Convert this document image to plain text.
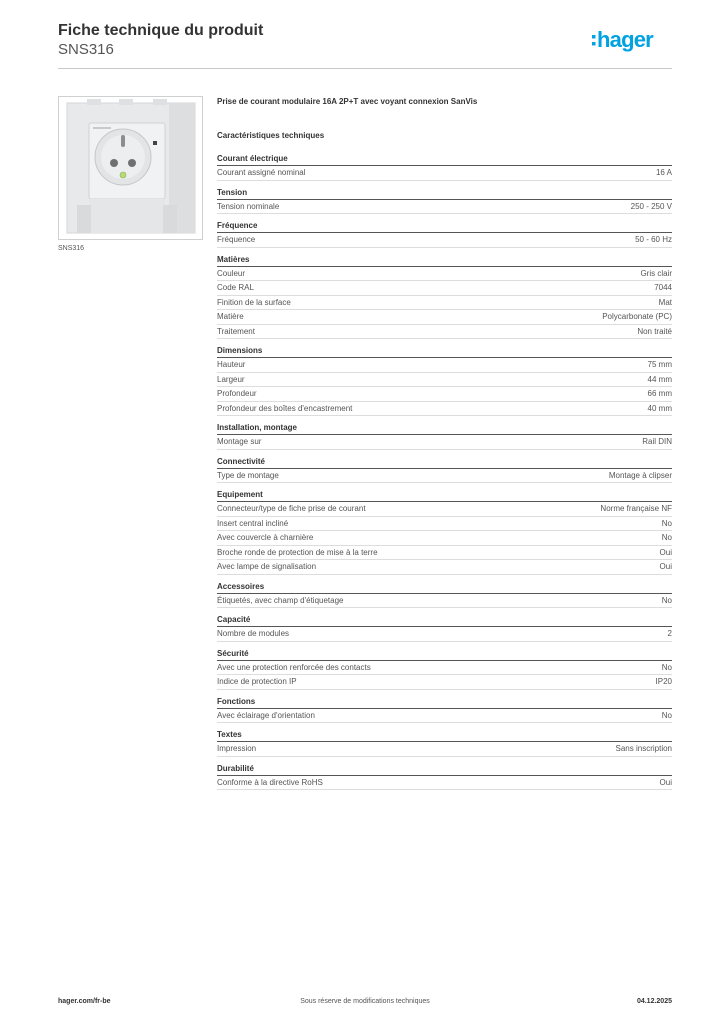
Fiche technique du produit
SNS316	hager
SNS316
Prise de courant modulaire 16A 2P+T avec voyant connexion SanVis
Caractéristiques techniques
Courant électrique
Courant assigné nominal	16 A
Tension
Tension nominale	250 - 250 V
Fréquence
Fréquence	50 - 60 Hz
Matières
Couleur	Gris clair
Code RAL	7044
Finition de la surface	Mat
Matière	Polycarbonate (PC)
Traitement	Non traité
Dimensions
Hauteur	75 mm
Largeur	44 mm
Profondeur	66 mm
Profondeur des boîtes d'encastrement	40 mm
Installation, montage
Montage sur	Rail DIN
Connectivité
Type de montage	Montage à clipser
Equipement
Connecteur/type de fiche prise de courant	Norme française NF
Insert central incliné	No
Avec couvercle à charnière	No
Broche ronde de protection de mise à la terre	Oui
Avec lampe de signalisation	Oui
Accessoires
Étiquetés, avec champ d'étiquetage	No
Capacité
Nombre de modules	2
Sécurité
Avec une protection renforcée des contacts	No
Indice de protection IP	IP20
Fonctions
Avec éclairage d'orientation	No
Textes
Impression	Sans inscription
Durabilité
Conforme à la directive RoHS	Oui
hager.com/fr-be	Sous réserve de modifications techniques	04.12.2025
